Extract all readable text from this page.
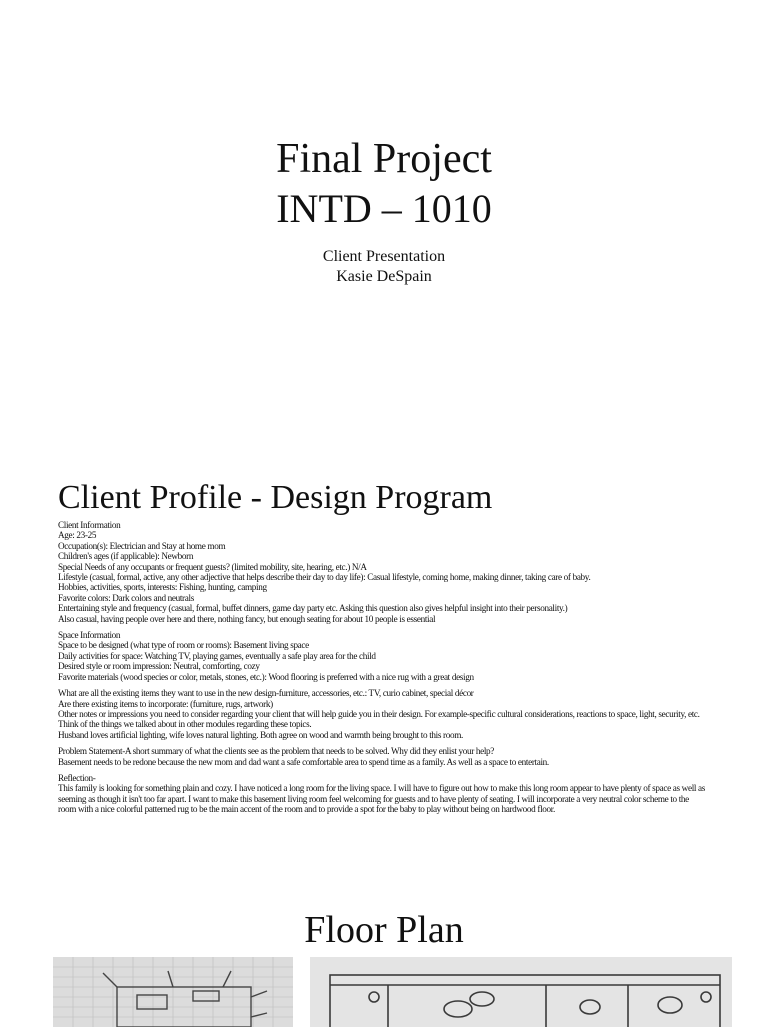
Final Project
INTD – 1010
Client Presentation
Kasie DeSpain
Client Profile - Design Program
Client Information
Age: 23-25
Occupation(s): Electrician and Stay at home mom
Children's ages (if applicable): Newborn
Special Needs of any occupants or frequent guests? (limited mobility, site, hearing, etc.) N/A
Lifestyle (casual, formal, active, any other adjective that helps describe their day to day life): Casual lifestyle, coming home, making dinner, taking care of baby.
Hobbies, activities, sports, interests: Fishing, hunting, camping
Favorite colors: Dark colors and neutrals
Entertaining style and frequency (casual, formal, buffet dinners, game day party etc. Asking this question also gives helpful insight into their personality.)
Also casual, having people over here and there, nothing fancy, but enough seating for about 10 people is essential
Space Information
Space to be designed (what type of room or rooms): Basement living space
Daily activities for space: Watching TV, playing games, eventually a safe play area for the child
Desired style or room impression: Neutral, comforting, cozy
Favorite materials (wood species or color, metals, stones, etc.): Wood flooring is preferred with a nice rug with a great design
What are all the existing items they want to use in the new design-furniture, accessories, etc.: TV, curio cabinet, special décor
Are there existing items to incorporate: (furniture, rugs, artwork)
Other notes or impressions you need to consider regarding your client that will help guide you in their design. For example-specific cultural considerations, reactions to space, light, security, etc. Think of the things we talked about in other modules regarding these topics.
Husband loves artificial lighting, wife loves natural lighting. Both agree on wood and warmth being brought to this room.
Problem Statement-A short summary of what the clients see as the problem that needs to be solved. Why did they enlist your help?
Basement needs to be redone because the new mom and dad want a safe comfortable area to spend time as a family. As well as a space to entertain.
Reflection-
This family is looking for something plain and cozy. I have noticed a long room for the living space. I will have to figure out how to make this long room appear to have plenty of space as well as seeming as though it isn't too far apart. I want to make this basement living room feel welcoming for guests and to have plenty of seating. I will incorporate a very neutral color scheme to the room with a nice colorful patterned rug to be the main accent of the room and to provide a spot for the baby to play without being on hardwood floor.
Floor Plan
